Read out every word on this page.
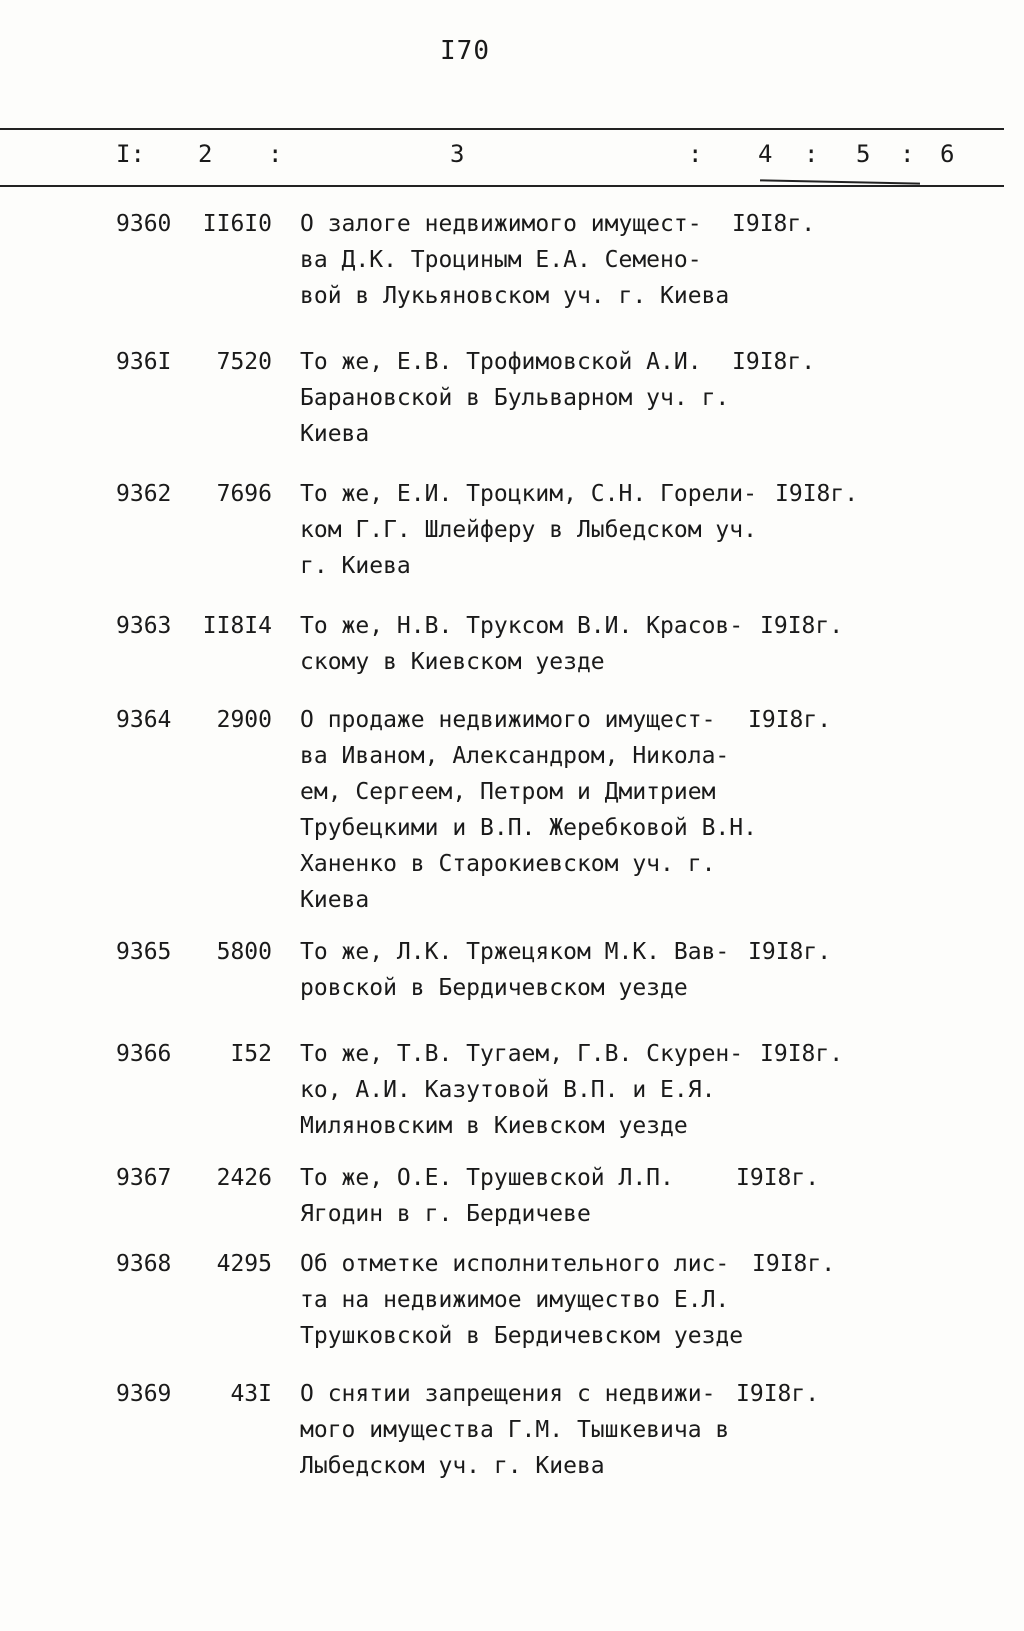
I70
I: 2 :	3	: 4 : 5 : 6
9360 II6I0 О залоге недвижимого имущест-
ва Д.К. Троциным Е.А. Семено-
вой в Лукьяновском уч. г. Киева
I9I8г.
936I 7520 То же, Е.В. Трофимовской А.И.
Барановской в Бульварном уч. г.
Киева
I9I8г.
9362 7696 То же, Е.И. Троцким, С.Н. Горели-
ком Г.Г. Шлейферу в Лыбедском уч.
г. Киева
I9I8г.
9363 II8I4 То же, Н.В. Труксом В.И. Красов-
скому в Киевском уезде
I9I8г.
9364 2900 О продаже недвижимого имущест-
ва Иваном, Александром, Никола-
ем, Сергеем, Петром и Дмитрием
Трубецкими и В.П. Жеребковой В.Н.
Ханенко в Старокиевском уч. г.
Киева
I9I8г.
9365 5800 То же, Л.К. Тржецяком М.К. Вав-
ровской в Бердичевском уезде
I9I8г.
9366	I52 То же, Т.В. Тугаем, Г.В. Скурен-
ко, А.И. Казутовой В.П. и Е.Я.
Миляновским в Киевском уезде
I9I8г.
9367 2426 То же, О.Е. Трушевской Л.П.
Ягодин в г. Бердичеве
I9I8г.
9368 4295 Об отметке исполнительного лис-
та на недвижимое имущество Е.Л.
Трушковской в Бердичевском уезде
I9I8г.
9369	43I О снятии запрещения с недвижи-
мого имущества Г.М. Тышкевича в
Лыбедском уч. г. Киева
I9I8г.
